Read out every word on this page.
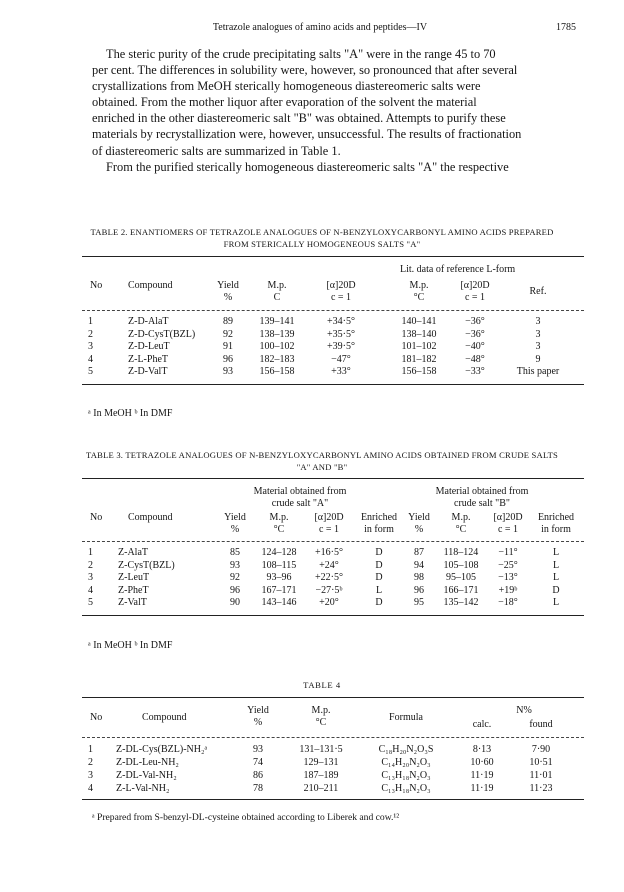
Tetrazole analogues of amino acids and peptides—IV	1785

The steric purity of the crude precipitating salts "A" were in the range 45 to 70

per cent. The differences in solubility were, however, so pronounced that after several

crystallizations from MeOH sterically homogeneous diastereomeric salts were

obtained. From the mother liquor after evaporation of the solvent the material

enriched in the other diastereomeric salt "B" was obtained. Attempts to purify these

materials by recrystallization were, however, unsuccessful. The results of fractionation

of diastereomeric salts are summarized in Table 1.

From the purified sterically homogeneous diastereomeric salts "A" the respective

TABLE 2. ENANTIOMERS OF TETRAZOLE ANALOGUES OF N-BENZYLOXYCARBONYL AMINO ACIDS PREPARED
FROM STERICALLY HOMOGENEOUS SALTS "A"
Lit. data of reference L-form
No	Compound	Yield
%
M.p.
C
[α]20D
c = 1
M.p.
°C
[α]20D
c = 1
Ref.
1	Z-D-AlaT	89	139–141	+34·5°	140–141	−36°	3
2	Z-D-CysT(BZL)	92	138–139	+35·5°	138–140	−36°	3
3	Z-D-LeuT	91	100–102	+39·5°	101–102	−40°	3
4	Z-L-PheT	96	182–183	−47°	181–182	−48°	9
5	Z-D-ValT	93	156–158	+33°	156–158	−33°	This paper
ᵃ In MeOH ᵇ In DMF
TABLE 3. TETRAZOLE ANALOGUES OF N-BENZYLOXYCARBONYL AMINO ACIDS OBTAINED FROM CRUDE SALTS
"A" AND "B"
Material obtained from
crude salt "A"
Material obtained from
crude salt "B"
No	Compound	Yield
%
M.p.
°C
[α]20D
c = 1
Enriched
in form
Yield
%
M.p.
°C
[α]20D
c = 1
Enriched
in form
1	Z-AlaT	85	124–128	+16·5°	D	87	118–124	−11°	L
2	Z-CysT(BZL)	93	108–115	+24°	D	94	105–108	−25°	L
3	Z-LeuT	92	93–96	+22·5°	D	98	95–105	−13°	L
4	Z-PheT	96	167–171	−27·5ᵇ	L	96	166–171	+19ᵇ	D
5	Z-ValT	90	143–146	+20°	D	95	135–142	−18°	L
ᵃ In MeOH ᵇ In DMF
TABLE 4
No	Compound
Yield
%
M.p.
°C	Formula
N%
calc.	found
1	Z-DL-Cys(BZL)-NH₂ᵃ	93	131–131·5	C₁₈H₂₀N₂O₃S	8·13	7·90
2	Z-DL-Leu-NH₂	74	129–131	C₁₄H₂₀N₂O₃	10·60	10·51
3	Z-DL-Val-NH₂	86	187–189	C₁₃H₁₈N₂O₃	11·19	11·01
4	Z-L-Val-NH₂	78	210–211	C₁₃H₁₈N₂O₃	11·19	11·23
ᵃ Prepared from S-benzyl-DL-cysteine obtained according to Liberek and cow.¹²
